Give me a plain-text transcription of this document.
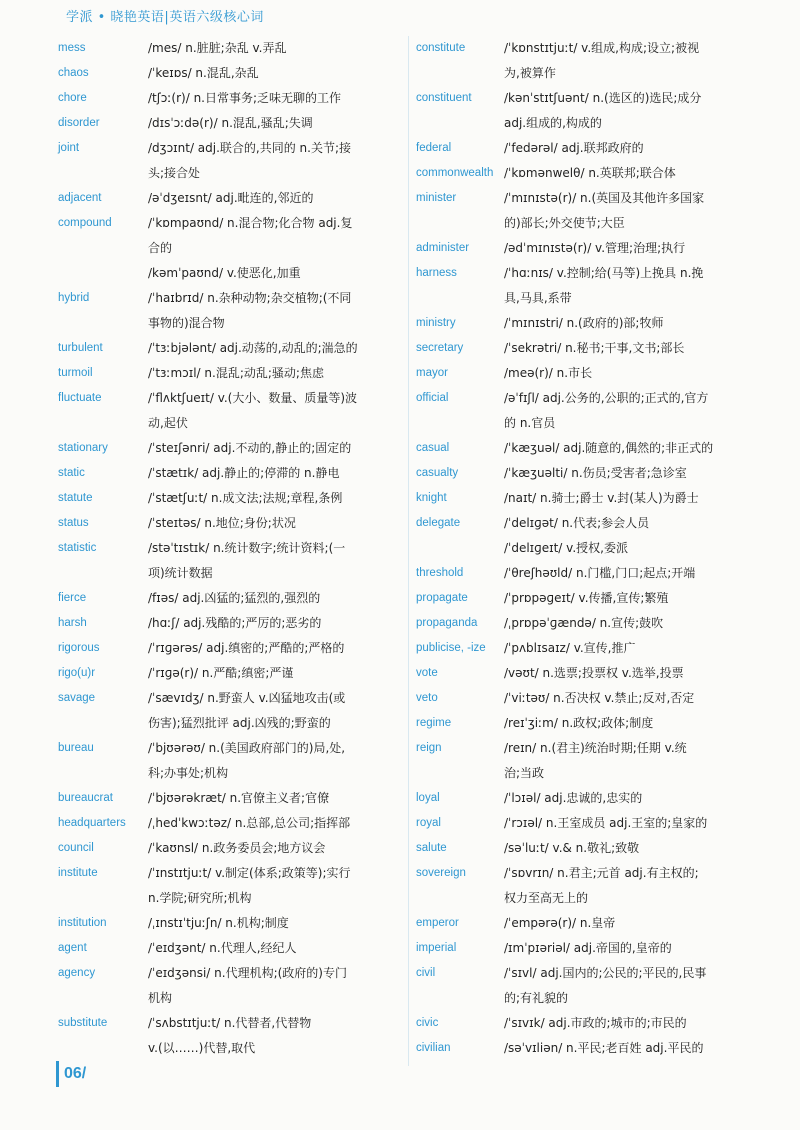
学派 • 晓艳英语|英语六级核心词
mess	/mes/ n.脏脏;杂乱 v.弄乱
chaos	/ˈkeɪɒs/ n.混乱,杂乱
chore	/tʃɔː(r)/ n.日常事务;乏味无聊的工作
disorder	/dɪsˈɔːdə(r)/ n.混乱,骚乱;失调
joint	/dʒɔɪnt/ adj.联合的,共同的 n.关节;接
头;接合处
adjacent	/əˈdʒeɪsnt/ adj.毗连的,邻近的
compound	/ˈkɒmpaʊnd/ n.混合物;化合物 adj.复
合的
/kəmˈpaʊnd/ v.使恶化,加重
hybrid	/ˈhaɪbrɪd/ n.杂种动物;杂交植物;(不同
事物的)混合物
turbulent	/ˈtɜːbjələnt/ adj.动荡的,动乱的;湍急的
turmoil	/ˈtɜːmɔɪl/ n.混乱;动乱;骚动;焦虑
fluctuate	/ˈflʌktʃueɪt/ v.(大小、数量、质量等)波
动,起伏
stationary	/ˈsteɪʃənri/ adj.不动的,静止的;固定的
static	/ˈstætɪk/ adj.静止的;停滞的 n.静电
statute	/ˈstætʃuːt/ n.成文法;法规;章程,条例
status	/ˈsteɪtəs/ n.地位;身份;状况
statistic	/stəˈtɪstɪk/ n.统计数字;统计资料;(一
项)统计数据
fierce	/fɪəs/ adj.凶猛的;猛烈的,强烈的
harsh	/hɑːʃ/ adj.残酷的;严厉的;恶劣的
rigorous	/ˈrɪɡərəs/ adj.缜密的;严酷的;严格的
rigo(u)r	/ˈrɪɡə(r)/ n.严酷;缜密;严谨
savage	/ˈsævɪdʒ/ n.野蛮人 v.凶猛地攻击(或
伤害);猛烈批评 adj.凶残的;野蛮的
bureau	/ˈbjʊərəʊ/ n.(美国政府部门的)局,处,
科;办事处;机构
bureaucrat	/ˈbjʊərəkræt/ n.官僚主义者;官僚
headquarters	/ˌhedˈkwɔːtəz/ n.总部,总公司;指挥部
council	/ˈkaʊnsl/ n.政务委员会;地方议会
institute	/ˈɪnstɪtjuːt/ v.制定(体系;政策等);实行
n.学院;研究所;机构
institution	/ˌɪnstɪˈtjuːʃn/ n.机构;制度
agent	/ˈeɪdʒənt/ n.代理人,经纪人
agency	/ˈeɪdʒənsi/ n.代理机构;(政府的)专门
机构
substitute	/ˈsʌbstɪtjuːt/ n.代替者,代替物
v.(以……)代替,取代
constitute	/ˈkɒnstɪtjuːt/ v.组成,构成;设立;被视
为,被算作
constituent	/kənˈstɪtʃuənt/ n.(选区的)选民;成分
adj.组成的,构成的
federal	/ˈfedərəl/ adj.联邦政府的
commonwealth /ˈkɒmənwelθ/ n.英联邦;联合体
minister	/ˈmɪnɪstə(r)/ n.(英国及其他许多国家
的)部长;外交使节;大臣
administer	/ədˈmɪnɪstə(r)/ v.管理;治理;执行
harness	/ˈhɑːnɪs/ v.控制;给(马等)上挽具 n.挽
具,马具,系带
ministry	/ˈmɪnɪstri/ n.(政府的)部;牧师
secretary	/ˈsekrətri/ n.秘书;干事,文书;部长
mayor	/meə(r)/ n.市长
official	/əˈfɪʃl/ adj.公务的,公职的;正式的,官方
的 n.官员
casual	/ˈkæʒuəl/ adj.随意的,偶然的;非正式的
casualty	/ˈkæʒuəlti/ n.伤员;受害者;急诊室
knight	/naɪt/ n.骑士;爵士 v.封(某人)为爵士
delegate	/ˈdelɪɡət/ n.代表;参会人员
/ˈdelɪɡeɪt/ v.授权,委派
threshold	/ˈθreʃhəʊld/ n.门槛,门口;起点;开端
propagate	/ˈprɒpəɡeɪt/ v.传播,宣传;繁殖
propaganda	/ˌprɒpəˈɡændə/ n.宣传;鼓吹
publicise, -ize	/ˈpʌblɪsaɪz/ v.宣传,推广
vote	/vəʊt/ n.选票;投票权 v.选举,投票
veto	/ˈviːtəʊ/ n.否决权 v.禁止;反对,否定
regime	/reɪˈʒiːm/ n.政权;政体;制度
reign	/reɪn/ n.(君主)统治时期;任期 v.统
治;当政
loyal	/ˈlɔɪəl/ adj.忠诚的,忠实的
royal	/ˈrɔɪəl/ n.王室成员 adj.王室的;皇家的
salute	/səˈluːt/ v.& n.敬礼;致敬
sovereign	/ˈsɒvrɪn/ n.君主;元首 adj.有主权的;
权力至高无上的
emperor	/ˈempərə(r)/ n.皇帝
imperial	/ɪmˈpɪəriəl/ adj.帝国的,皇帝的
civil	/ˈsɪvl/ adj.国内的;公民的;平民的,民事
的;有礼貌的
civic	/ˈsɪvɪk/ adj.市政的;城市的;市民的
civilian	/səˈvɪliən/ n.平民;老百姓 adj.平民的
06/
